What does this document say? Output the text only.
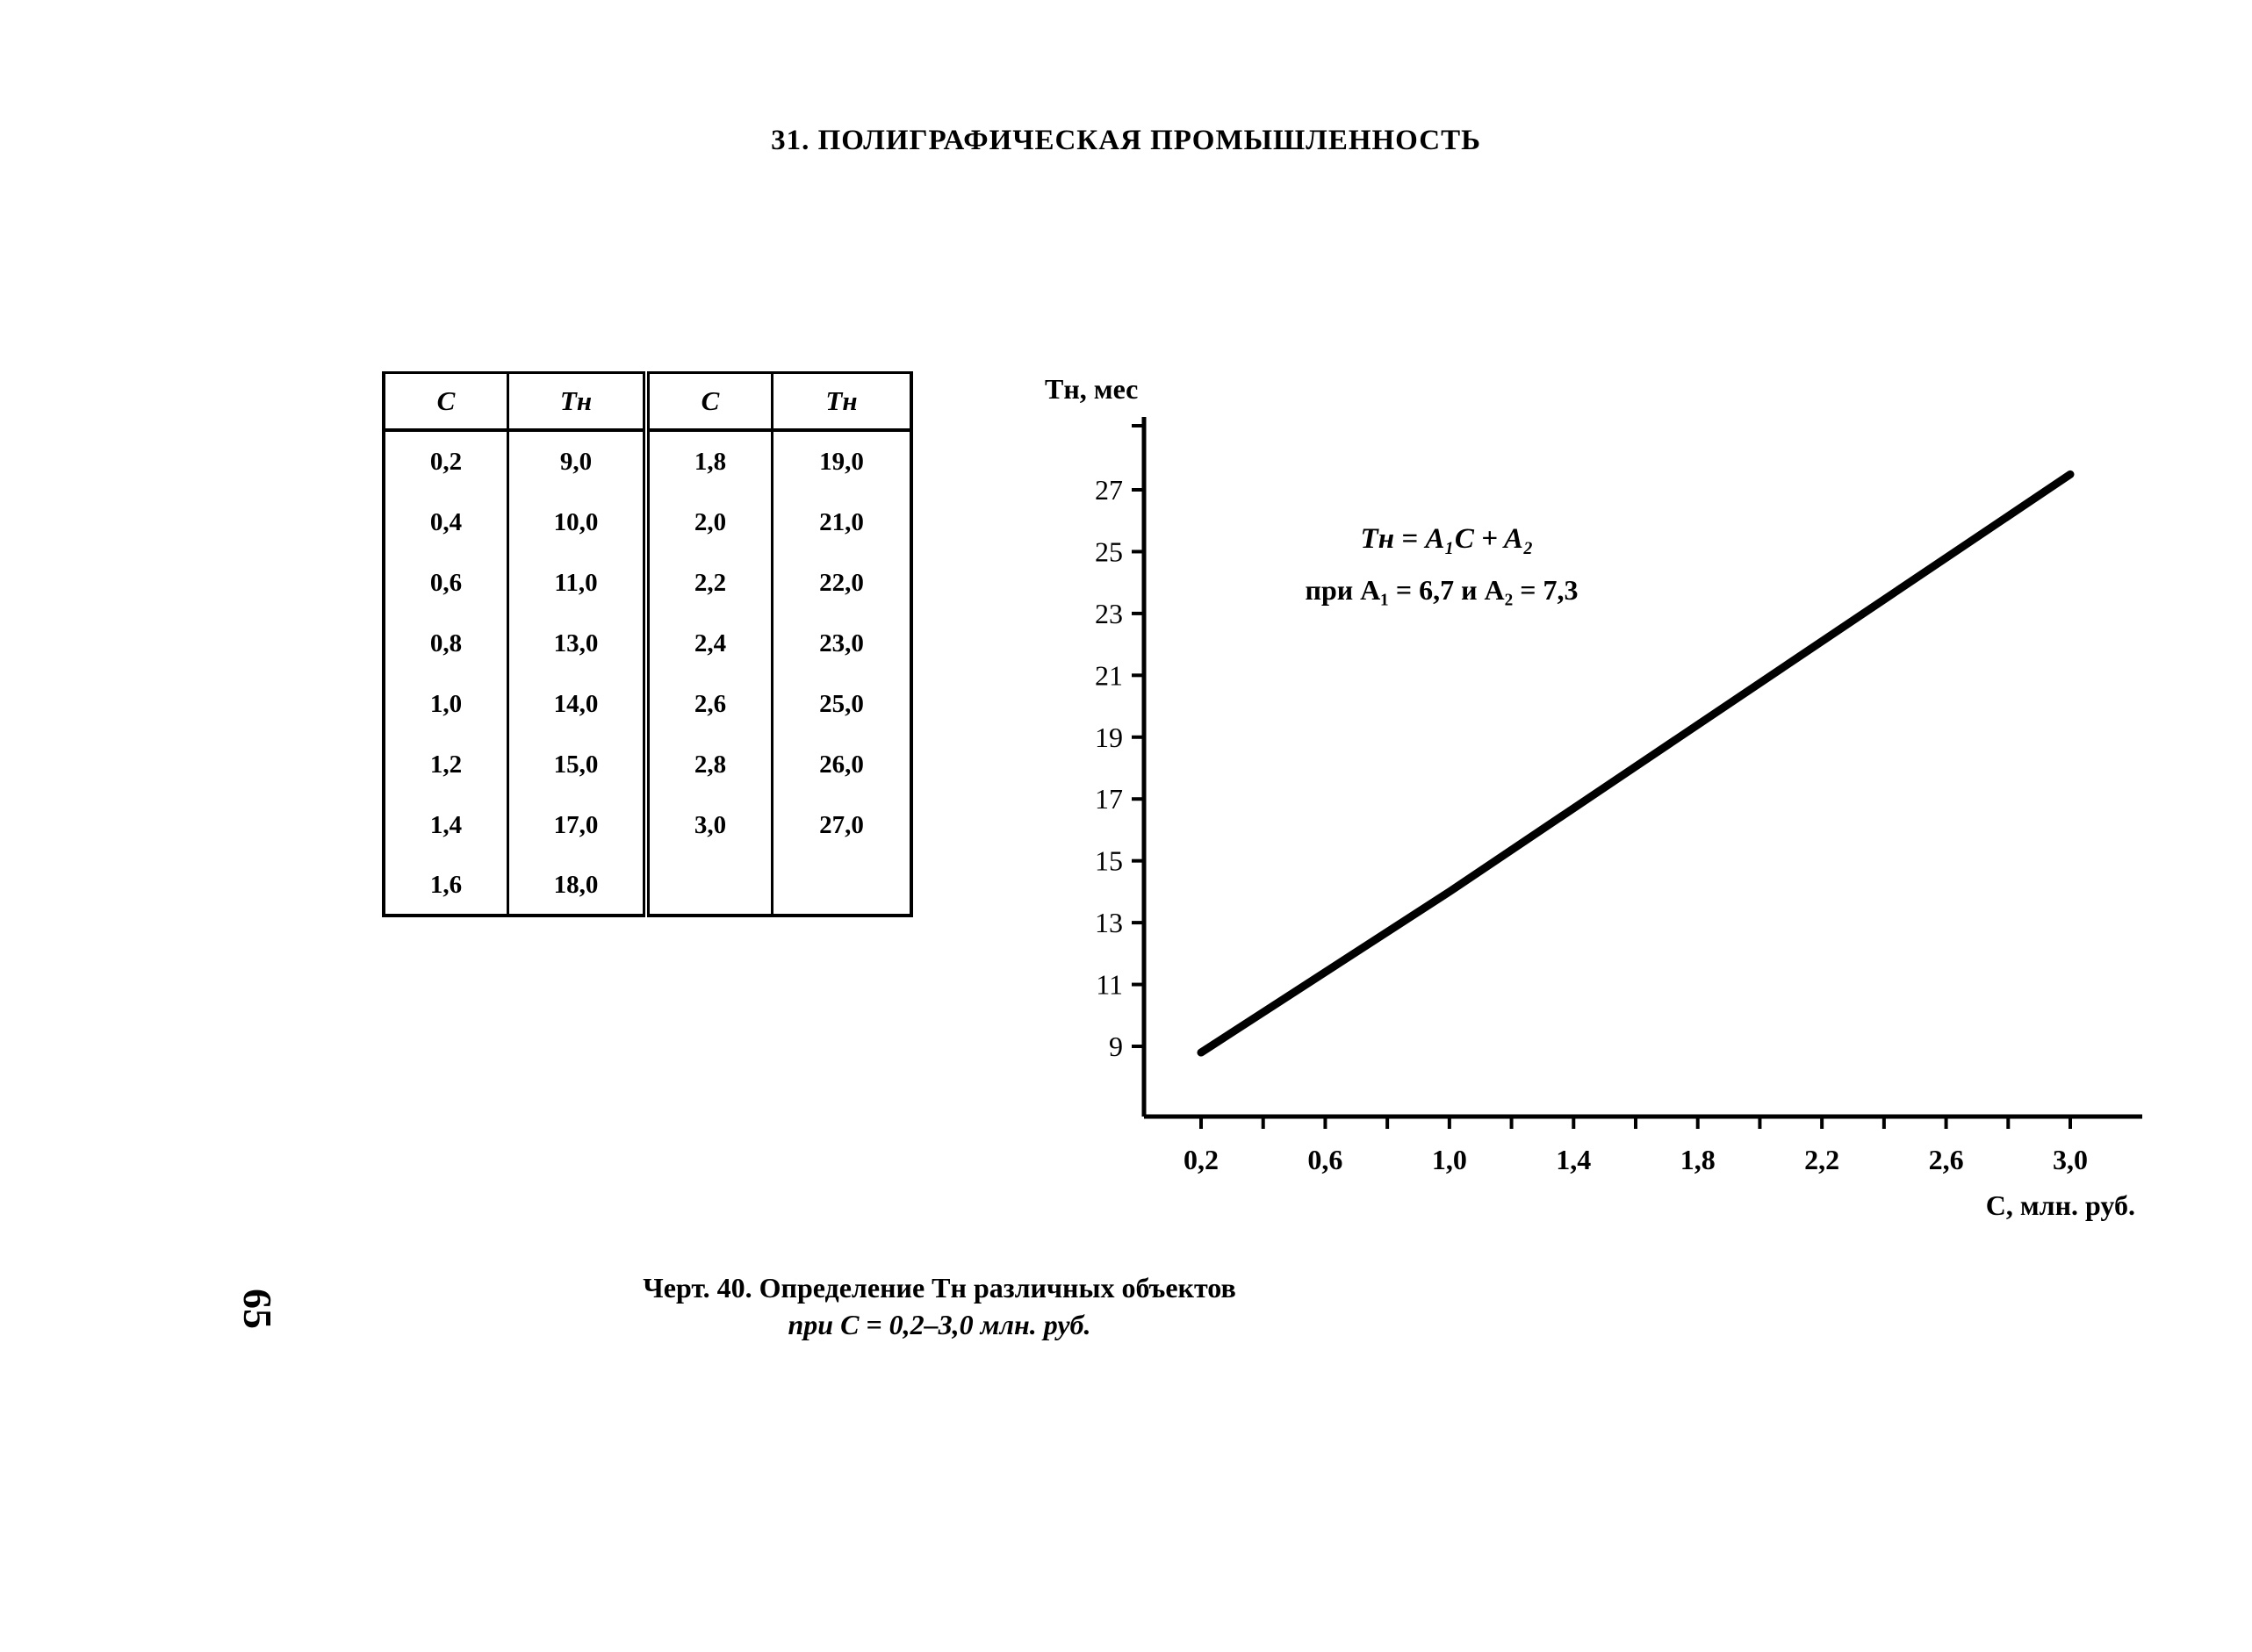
31. ПОЛИГРАФИЧЕСКАЯ ПРОМЫШЛЕННОСТЬ
65
C	Tн	C	Tн
0,2	9,0	1,8	19,0
0,4	10,0	2,0	21,0
0,6	11,0	2,2	22,0
0,8	13,0	2,4	23,0
1,0	14,0	2,6	25,0
1,2	15,0	2,8	26,0
1,4	17,0	3,0	27,0
1,6	18,0		
9
11
13
15
17
19
21
23
25
27
0,2	0,6	1,0	1,4	1,8	2,2	2,6	3,0
Tн, мес
C, млн. руб.
Tн = A₁C + A₂
при A₁ = 6,7 и A₂ = 7,3
Черт. 40. Определение Tн различных объектов
при C = 0,2–3,0 млн. руб.
